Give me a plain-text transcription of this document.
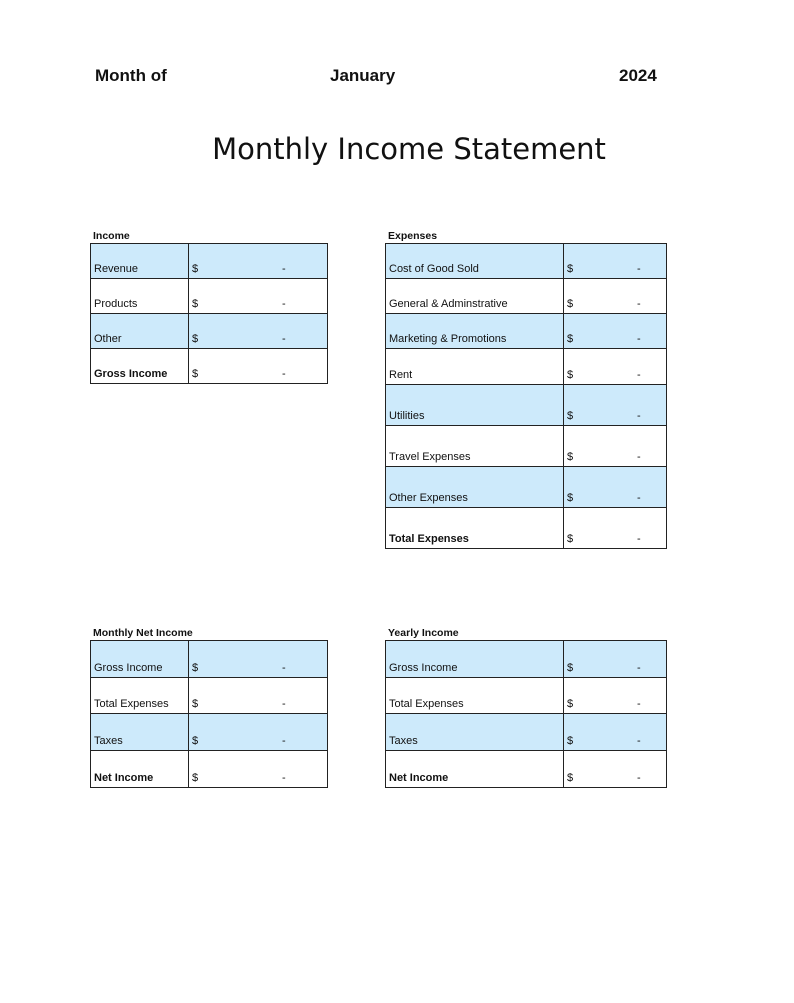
Month of	January	2024
Monthly Income Statement
Income
Revenue	$ -
Products	$ -
Other	$ -
Gross Income	$ -
Expenses
Cost of Good Sold	$ -
General & Adminstrative	$ -
Marketing & Promotions	$ -
Rent	$ -
Utilities	$ -
Travel Expenses	$ -
Other Expenses	$ -
Total Expenses	$ -
Monthly Net Income
Gross Income	$ -
Total Expenses	$ -
Taxes	$ -
Net Income	$ -
Yearly Income
Gross Income	$ -
Total Expenses	$ -
Taxes	$ -
Net Income	$ -
